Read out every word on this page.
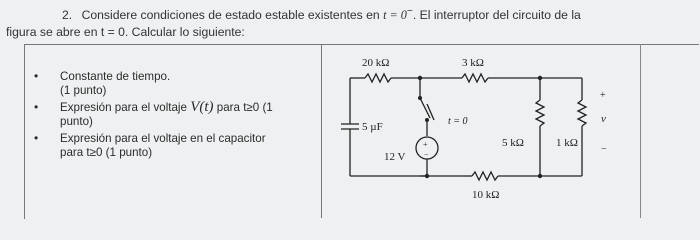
2. Considere condiciones de estado estable existentes en t = 0−. El interruptor del circuito de la
figura se abre en t = 0. Calcular lo siguiente:
• Constante de tiempo.
(1 punto)
• Expresión para el voltaje V(t) para t≥0 (1
punto)
• Expresión para el voltaje en el capacitor
para t≥0 (1 punto)
20 kΩ	3 kΩ
5 µF	t = 0
12 V
+
−
5 kΩ	1 kΩ
10 kΩ
+
v
−
